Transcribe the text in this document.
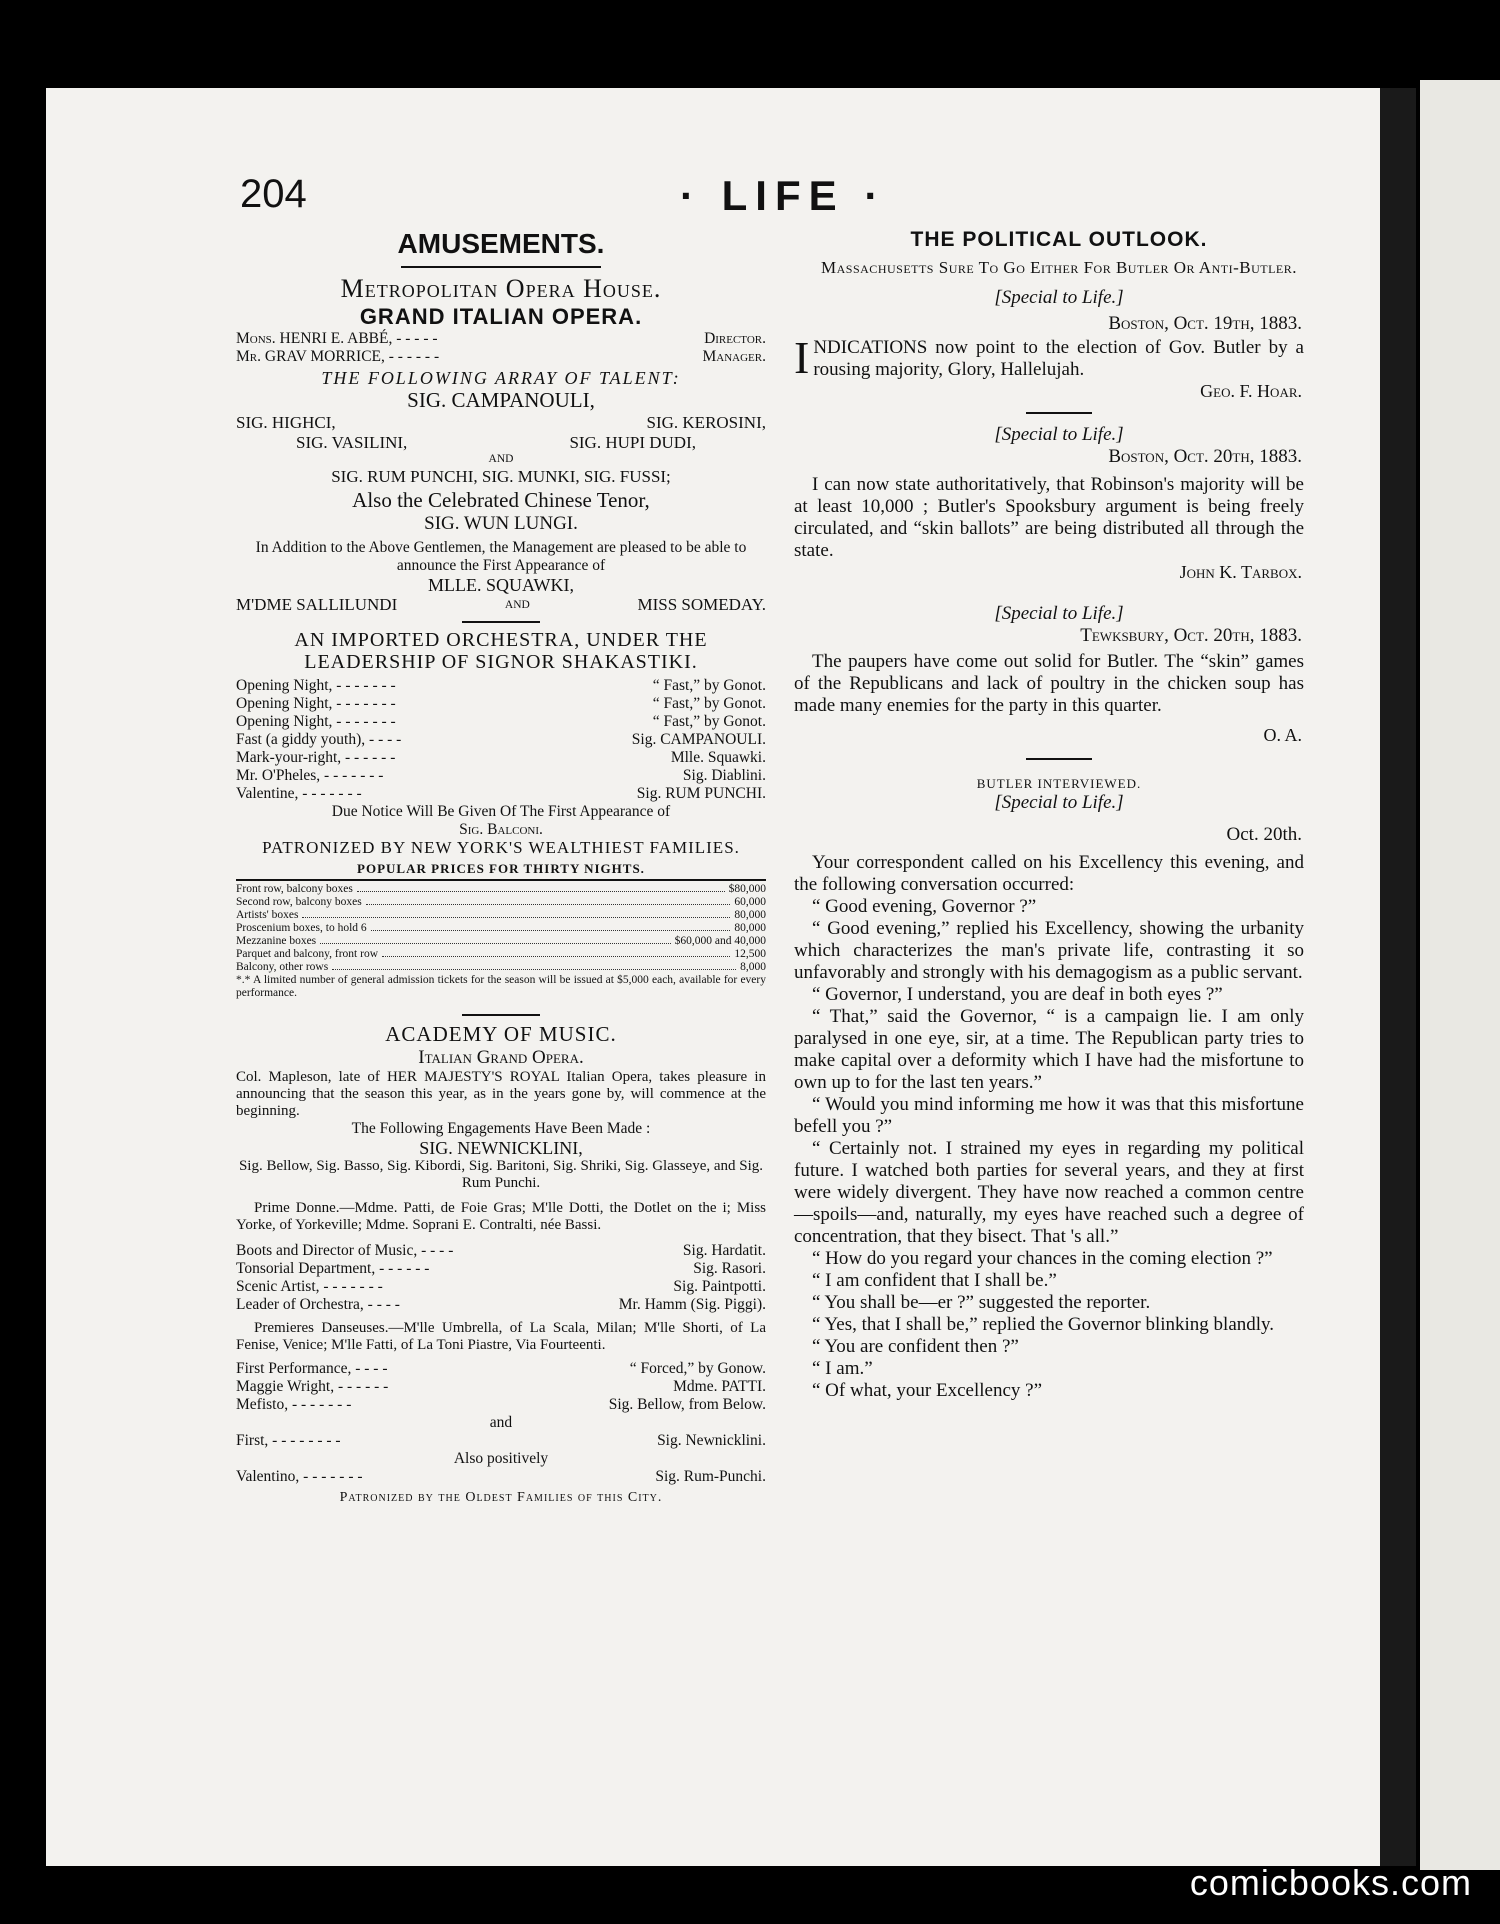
204	· LIFE ·
AMUSEMENTS.
Metropolitan Opera House.
GRAND ITALIAN OPERA.
Mons. HENRI E. ABBÉ, - - - - -	Director.
Mr. GRAV MORRICE, - - - - - -	Manager.
THE FOLLOWING ARRAY OF TALENT:
SIG. CAMPANOULI,
SIG. HIGHCI,	SIG. KEROSINI,
SIG. VASILINI,	SIG. HUPI DUDI,
AND
SIG. RUM PUNCHI, SIG. MUNKI, SIG. FUSSI;
Also the Celebrated Chinese Tenor,
SIG. WUN LUNGI.
In Addition to the Above Gentlemen, the Management are pleased to be able to announce the First Appearance of
MLLE. SQUAWKI,
M'DME SALLILUNDI	AND	MISS SOMEDAY.
AN IMPORTED ORCHESTRA, UNDER THE LEADERSHIP OF SIGNOR SHAKASTIKI.
Opening Night, - - - - - - -	“ Fast,” by Gonot.
Opening Night, - - - - - - -	“ Fast,” by Gonot.
Opening Night, - - - - - - -	“ Fast,” by Gonot.
Fast (a giddy youth), - - - -	Sig. CAMPANOULI.
Mark-your-right, - - - - - -	Mlle. Squawki.
Mr. O'Pheles, - - - - - - -	Sig. Diablini.
Valentine, - - - - - - -	Sig. RUM PUNCHI.
Due Notice Will Be Given Of The First Appearance of
Sig. Balconi.
PATRONIZED BY NEW YORK'S WEALTHIEST FAMILIES.
POPULAR PRICES FOR THIRTY NIGHTS.
Front row, balcony boxes	$80,000
Second row, balcony boxes	60,000
Artists' boxes	80,000
Proscenium boxes, to hold 6	80,000
Mezzanine boxes	$60,000 and 40,000
Parquet and balcony, front row	12,500
Balcony, other rows	8,000
*.* A limited number of general admission tickets for the season will be issued at $5,000 each, available for every performance.
ACADEMY OF MUSIC.
Italian Grand Opera.
Col. Mapleson, late of HER MAJESTY'S ROYAL Italian Opera, takes pleasure in announcing that the season this year, as in the years gone by, will commence at the beginning.
The Following Engagements Have Been Made :
SIG. NEWNICKLINI,
Sig. Bellow, Sig. Basso, Sig. Kibordi, Sig. Baritoni, Sig. Shriki, Sig. Glasseye, and Sig. Rum Punchi.
Prime Donne.—Mdme. Patti, de Foie Gras; M'lle Dotti, the Dotlet on the i; Miss Yorke, of Yorkeville; Mdme. Soprani E. Contralti, née Bassi.
Boots and Director of Music, - - - -	Sig. Hardatit.
Tonsorial Department, - - - - - -	Sig. Rasori.
Scenic Artist, - - - - - - -	Sig. Paintpotti.
Leader of Orchestra, - - - -	Mr. Hamm (Sig. Piggi).
Premieres Danseuses.—M'lle Umbrella, of La Scala, Milan; M'lle Shorti, of La Fenise, Venice; M'lle Fatti, of La Toni Piastre, Via Fourteenti.
First Performance, - - - -	“ Forced,” by Gonow.
Maggie Wright, - - - - - -	Mdme. PATTI.
Mefisto, - - - - - - -	Sig. Bellow, from Below.
and
First, - - - - - - - -	Sig. Newnicklini.
Also positively
Valentino, - - - - - - -	Sig. Rum-Punchi.
Patronized by the Oldest Families of this City.
THE POLITICAL OUTLOOK.
Massachusetts Sure To Go Either For Butler Or Anti-Butler.
[Special to Life.]
Boston, Oct. 19th, 1883.
INDICATIONS now point to the election of Gov. Butler by a rousing majority, Glory, Hallelujah.
Geo. F. Hoar.
[Special to Life.]
Boston, Oct. 20th, 1883.
I can now state authoritatively, that Robinson's majority will be at least 10,000 ; Butler's Spooksbury argument is being freely circulated, and “skin ballots” are being distributed all through the state.
John K. Tarbox.
[Special to Life.]
Tewksbury, Oct. 20th, 1883.
The paupers have come out solid for Butler. The “skin” games of the Republicans and lack of poultry in the chicken soup has made many enemies for the party in this quarter.
O. A.
BUTLER INTERVIEWED.
[Special to Life.]
Oct. 20th.

Your correspondent called on his Excellency this evening, and the following conversation occurred:

“ Good evening, Governor ?”

“ Good evening,” replied his Excellency, showing the urbanity which characterizes the man's private life, contrasting it so unfavorably and strongly with his demagogism as a public servant.

“ Governor, I understand, you are deaf in both eyes ?”

“ That,” said the Governor, “ is a campaign lie. I am only paralysed in one eye, sir, at a time. The Republican party tries to make capital over a deformity which I have had the misfortune to own up to for the last ten years.”

“ Would you mind informing me how it was that this misfortune befell you ?”

“ Certainly not. I strained my eyes in regarding my political future. I watched both parties for several years, and they at first were widely divergent. They have now reached a common centre—spoils—and, naturally, my eyes have reached such a degree of concentration, that they bisect. That 's all.”

“ How do you regard your chances in the coming election ?”

“ I am confident that I shall be.”

“ You shall be—er ?” suggested the reporter.

“ Yes, that I shall be,” replied the Governor blinking blandly.

“ You are confident then ?”

“ I am.”

“ Of what, your Excellency ?”

comicbooks.com
